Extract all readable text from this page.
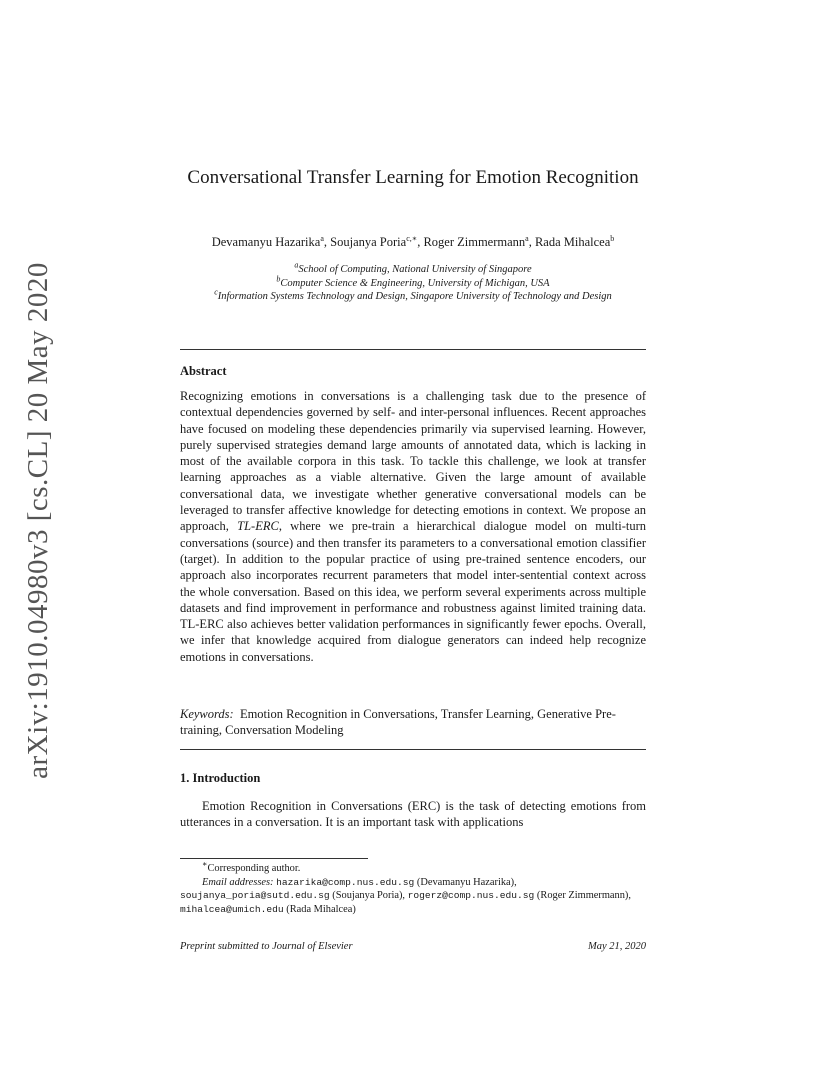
arXiv:1910.04980v3 [cs.CL] 20 May 2020
Conversational Transfer Learning for Emotion Recognition
Devamanyu Hazarika$^a$, Soujanya Poria$^{c,∗}$, Roger Zimmermann$^a$, Rada Mihalcea$^b$
$^a$School of Computing, National University of Singapore
$^b$Computer Science & Engineering, University of Michigan, USA
$^c$Information Systems Technology and Design, Singapore University of Technology and Design
Abstract
Recognizing emotions in conversations is a challenging task due to the presence of contextual dependencies governed by self- and inter-personal influences. Recent approaches have focused on modeling these dependencies primarily via supervised learning. However, purely supervised strategies demand large amounts of annotated data, which is lacking in most of the available corpora in this task. To tackle this challenge, we look at transfer learning approaches as a viable alternative. Given the large amount of available conversational data, we investigate whether generative conversational models can be leveraged to transfer affective knowledge for detecting emotions in context. We propose an approach, TL-ERC, where we pre-train a hierarchical dialogue model on multi-turn conversations (source) and then transfer its parameters to a conversational emotion classifier (target). In addition to the popular practice of using pre-trained sentence encoders, our approach also incorporates recurrent parameters that model inter-sentential context across the whole conversation. Based on this idea, we perform several experiments across multiple datasets and find improvement in performance and robustness against limited training data. TL-ERC also achieves better validation performances in significantly fewer epochs. Overall, we infer that knowledge acquired from dialogue generators can indeed help recognize emotions in conversations.
Keywords: Emotion Recognition in Conversations, Transfer Learning, Generative Pre-training, Conversation Modeling
1. Introduction
Emotion Recognition in Conversations (ERC) is the task of detecting emotions from utterances in a conversation. It is an important task with applications
∗Corresponding author.
Email addresses: hazarika@comp.nus.edu.sg (Devamanyu Hazarika), soujanya_poria@sutd.edu.sg (Soujanya Poria), rogerz@comp.nus.edu.sg (Roger Zimmermann), mihalcea@umich.edu (Rada Mihalcea)
Preprint submitted to Journal of Elsevier	May 21, 2020
